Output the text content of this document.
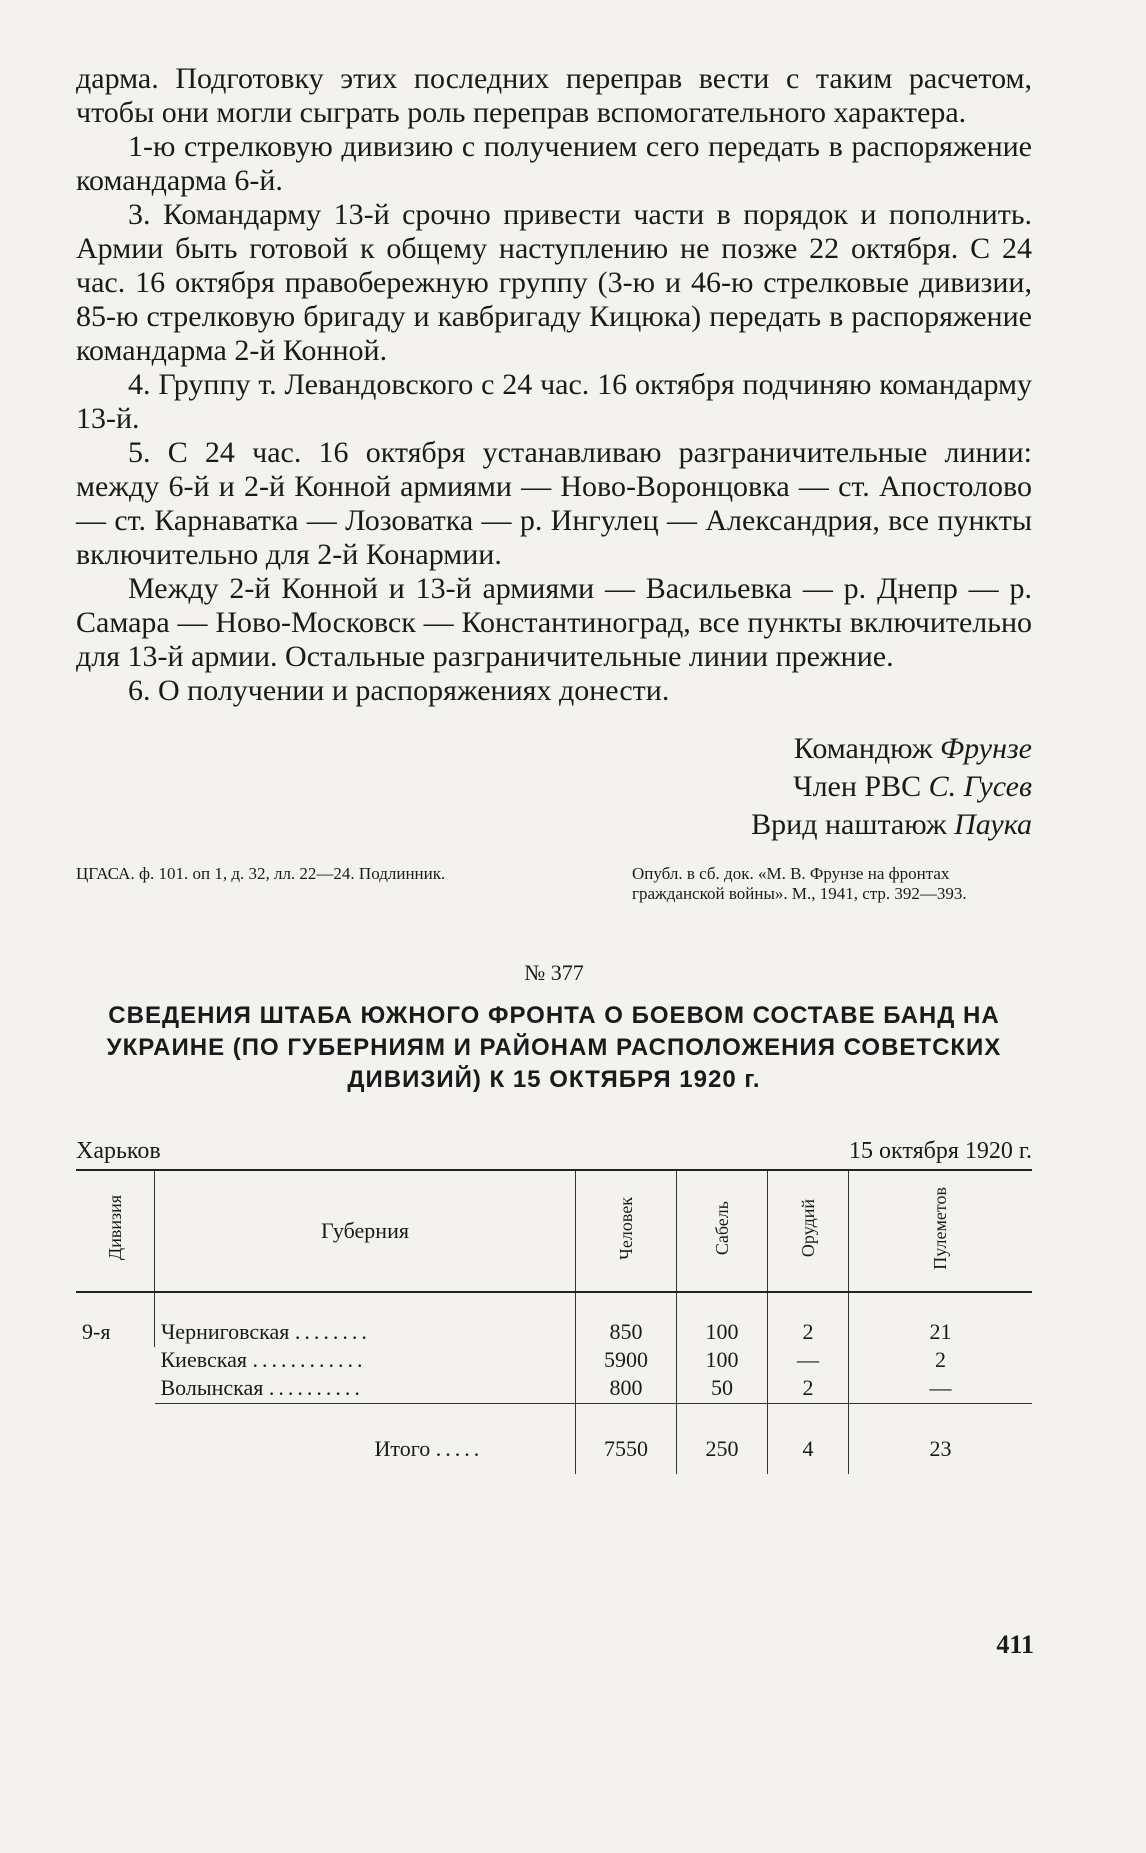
дарма. Подготовку этих последних переправ вести с таким расчетом, чтобы они могли сыграть роль переправ вспомогательного характера.

1-ю стрелковую дивизию с получением сего передать в распоряжение командарма 6-й.

3. Командарму 13-й срочно привести части в порядок и пополнить. Армии быть готовой к общему наступлению не позже 22 октября. С 24 час. 16 октября правобережную группу (3-ю и 46-ю стрелковые дивизии, 85-ю стрелковую бригаду и кавбригаду Кицюка) передать в распоряжение командарма 2-й Конной.

4. Группу т. Левандовского с 24 час. 16 октября подчиняю командарму 13-й.

5. С 24 час. 16 октября устанавливаю разграничительные линии: между 6-й и 2-й Конной армиями — Ново-Воронцовка — ст. Апостолово — ст. Карнаватка — Лозоватка — р. Ингулец — Александрия, все пункты включительно для 2-й Конармии.

Между 2-й Конной и 13-й армиями — Васильевка — р. Днепр — р. Самара — Ново-Московск — Константиноград, все пункты включительно для 13-й армии. Остальные разграничительные линии прежние.

6. О получении и распоряжениях донести.

Командюж Фрунзе
Член РВС С. Гусев
Врид наштаюж Паука
ЦГАСА. ф. 101. оп 1, д. 32, лл. 22—24. Подлинник.	Опубл. в сб. док. «М. В. Фрунзе на фронтах гражданской войны». М., 1941, стр. 392—393.
№ 377
СВЕДЕНИЯ ШТАБА ЮЖНОГО ФРОНТА О БОЕВОМ СОСТАВЕ БАНД НА УКРАИНЕ (ПО ГУБЕРНИЯМ И РАЙОНАМ РАСПОЛОЖЕНИЯ СОВЕТСКИХ ДИВИЗИЙ) К 15 ОКТЯБРЯ 1920 г.
Харьков	15 октября 1920 г.
Дивизия	Губерния	Человек	Сабель	Орудий	Пулеметов
9-я	Черниговская ........	850	100	2	21
	Киевская ............	5900	100	—	2
	Волынская ..........	800	50	2	—
	Итого .....	7550	250	4	23
411
